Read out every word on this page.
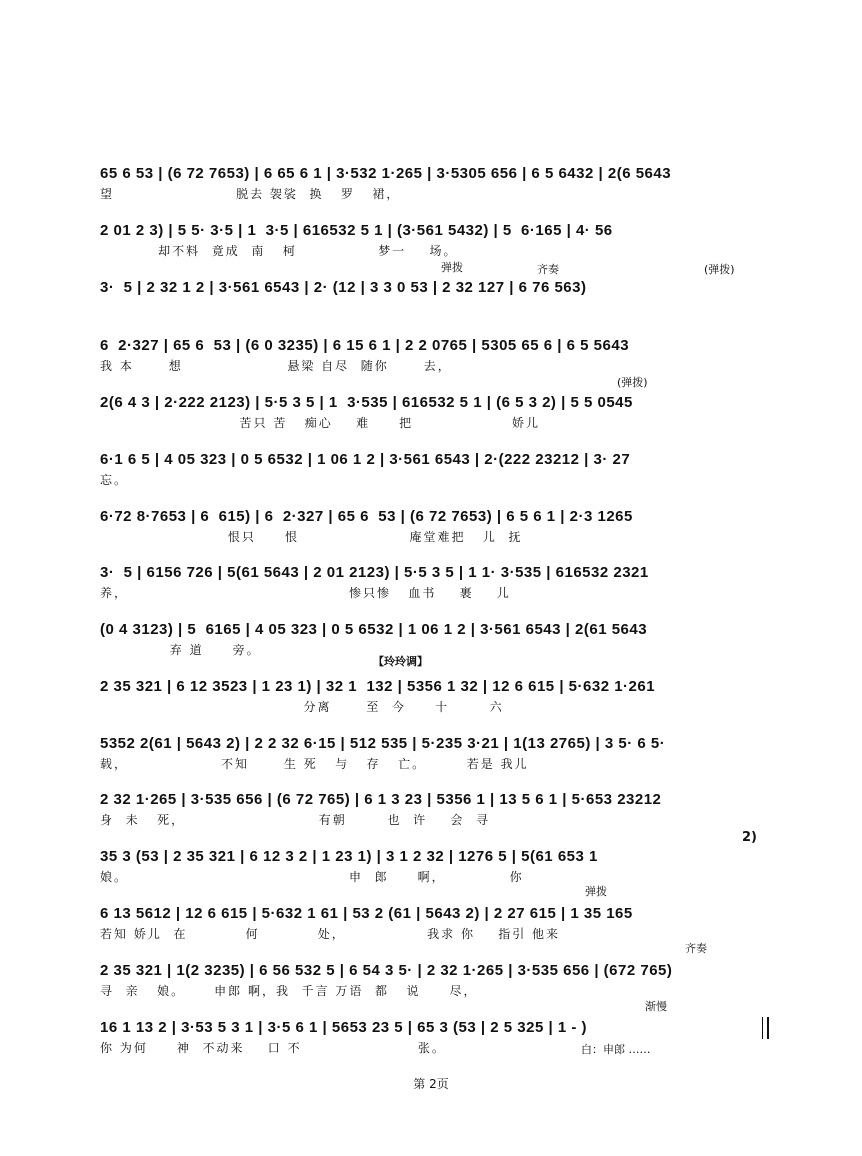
65 6 53 | (6 72 7653) | 6 65 6 1 | 3·532 1·265 | 3·5305 656 | 6 5 6432 | 2(6 5643
望                     脱去 袈裟  换   罗   裙，
2 01 2 3) | 5 5· 3·5 | 1  3·5 | 616532 5 1 | (3·561 5432) | 5  6·165 | 4· 56
却不料  竟成  南   柯              梦一    场。
弹拨	齐奏	(弹拨)
3·  5 | 2 32 1 2 | 3·561 6543 | 2· (12 | 3 3 0 53 | 2 32 127 | 6 76 563)
6  2·327 | 65 6  53 | (6 0 3235) | 6 15 6 1 | 2 2 0765 | 5305 65 6 | 6 5 5643
我 本      想                  悬梁 自尽  随你      去，
(弹拨)
2(6 4 3 | 2·222 2123) | 5·5 3 5 | 1  3·535 | 616532 5 1 | (6 5 3 2) | 5 5 0545
苦只 苦   痴心    难     把                 娇儿
6·1 6 5 | 4 05 323 | 0 5 6532 | 1 06 1 2 | 3·561 6543 | 2·(222 23212 | 3· 27
忘。
6·72 8·7653 | 6  615) | 6  2·327 | 65 6  53 | (6 72 7653) | 6 5 6 1 | 2·3 1265
恨只     恨                   庵堂难把   儿  抚
3·  5 | 6156 726 | 5(61 5643 | 2 01 2123) | 5·5 3 5 | 1 1· 3·535 | 616532 2321
养，                                      惨只惨   血书    裹    儿
(0 4 3123) | 5  6165 | 4 05 323 | 0 5 6532 | 1 06 1 2 | 3·561 6543 | 2(61 5643
弃 道     旁。
【玲玲调】
2 35 321 | 6 12 3523 | 1 23 1) | 32 1  132 | 5356 1 32 | 12 6 615 | 5·632 1·261
分离      至  今     十       六
5352 2(61 | 5643 2) | 2 2 32 6·15 | 512 535 | 5·235 3·21 | 1(13 2765) | 3 5· 6 5·
载，                不知      生 死   与   存   亡。       若是 我儿
2 32 1·265 | 3·535 656 | (6 72 765) | 6 1 3 23 | 5356 1 | 13 5 6 1 | 5·653 23212
身  未   死，                       有朝       也  许    会  寻
2)
35 3 (53 | 2 35 321 | 6 12 3 2 | 1 23 1) | 3 1 2 32 | 1276 5 | 5(61 653 1
娘。                                      申  郎     啊，           你
弹拨
6 13 5612 | 12 6 615 | 5·632 1 61 | 53 2 (61 | 5643 2) | 2 27 615 | 1 35 165
若知 娇儿  在          何          处，              我求 你    指引 他来
齐奏
2 35 321 | 1(2 3235) | 6 56 532 5 | 6 54 3 5· | 2 32 1·265 | 3·535 656 | (672 765)
寻  亲   娘。     申郎 啊，我  千言 万语  都   说     尽，
渐慢
16 1 13 2 | 3·53 5 3 1 | 3·5 6 1 | 5653 23 5 | 65 3 (53 | 2 5 325 | 1 - )
你 为何     神  不动来    口 不                    张。	白：申郎 ……
第 2页
